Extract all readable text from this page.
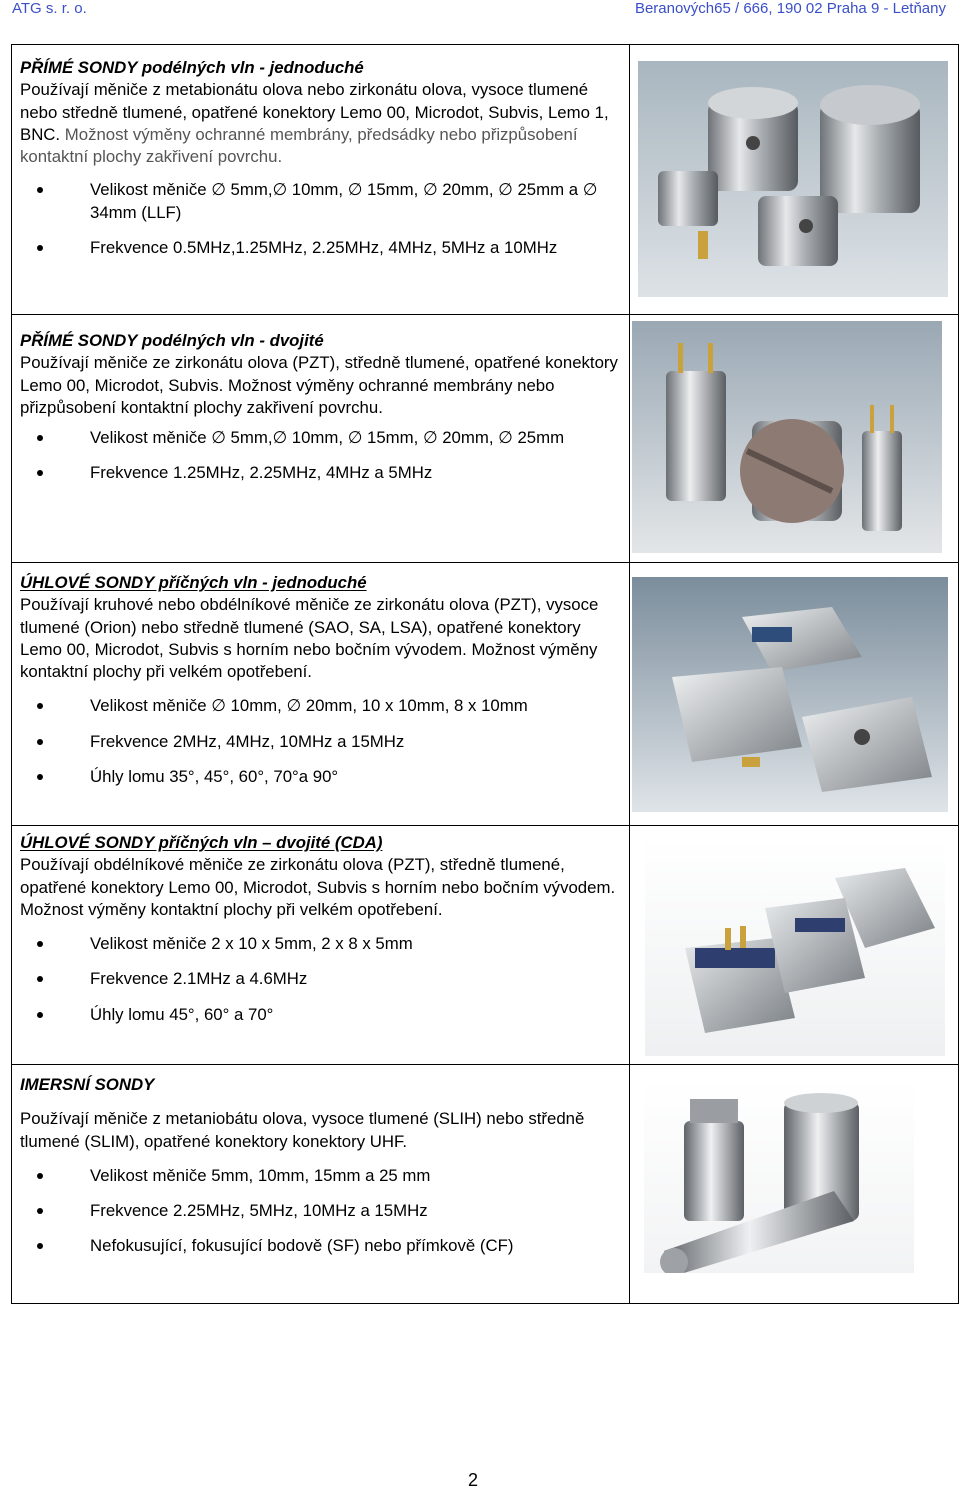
ATG s. r. o.	Beranových65 / 666, 190 02 Praha 9 - Letňany
PŘÍMÉ SONDY podélných vln - jednoduché

Používají měniče z metabionátu olova nebo zirkonátu olova, vysoce tlumené nebo středně tlumené, opatřené konektory Lemo 00, Microdot, Subvis, Lemo 1, BNC. Možnost výměny ochranné membrány, předsádky nebo přizpůsobení kontaktní plochy zakřivení povrchu.

Velikost měniče ∅ 5mm,∅ 10mm, ∅ 15mm, ∅ 20mm, ∅ 25mm a ∅ 34mm (LLF)
Frekvence 0.5MHz,1.25MHz, 2.25MHz, 4MHz, 5MHz a 10MHz
PŘÍMÉ SONDY podélných vln - dvojité

Používají měniče ze zirkonátu olova (PZT), středně tlumené, opatřené konektory Lemo 00, Microdot, Subvis. Možnost výměny ochranné membrány nebo přizpůsobení kontaktní plochy zakřivení povrchu.

Velikost měniče ∅ 5mm,∅ 10mm, ∅ 15mm, ∅ 20mm, ∅ 25mm
Frekvence 1.25MHz, 2.25MHz, 4MHz a 5MHz
ÚHLOVÉ SONDY příčných vln - jednoduché

Používají kruhové nebo obdélníkové měniče ze zirkonátu olova (PZT), vysoce tlumené (Orion) nebo středně tlumené (SAO, SA, LSA), opatřené konektory Lemo 00, Microdot, Subvis s horním nebo bočním vývodem. Možnost výměny kontaktní plochy při velkém opotřebení.

Velikost měniče ∅ 10mm, ∅ 20mm, 10 x 10mm, 8 x 10mm
Frekvence 2MHz, 4MHz, 10MHz a 15MHz
Úhly lomu 35°, 45°, 60°, 70°a 90°
ÚHLOVÉ SONDY příčných vln – dvojité (CDA)

Používají obdélníkové měniče ze zirkonátu olova (PZT), středně tlumené, opatřené konektory Lemo 00, Microdot, Subvis s horním nebo bočním vývodem. Možnost výměny kontaktní plochy při velkém opotřebení.

Velikost měniče 2 x 10 x 5mm, 2 x 8 x 5mm
Frekvence 2.1MHz a 4.6MHz
Úhly lomu 45°, 60° a 70°
IMERSNÍ SONDY

Používají měniče z metaniobátu olova, vysoce tlumené (SLIH) nebo středně tlumené (SLIM), opatřené konektory konektory UHF.

Velikost měniče 5mm, 10mm, 15mm a 25 mm
Frekvence 2.25MHz, 5MHz, 10MHz a 15MHz
Nefokusující, fokusující bodově (SF) nebo přímkově (CF)
2
